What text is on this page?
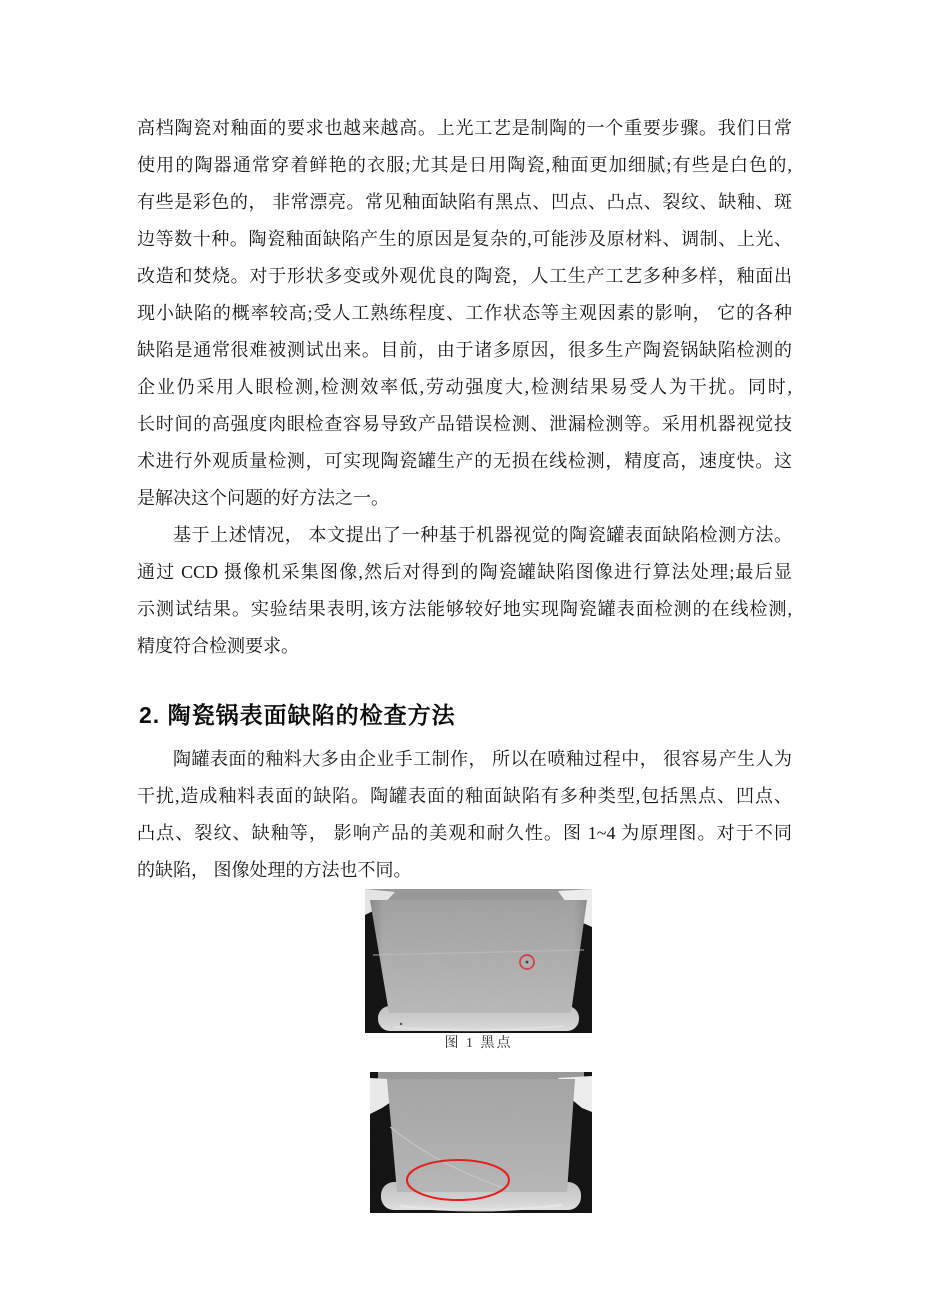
高档陶瓷对釉面的要求也越来越高。上光工艺是制陶的一个重要步骤。我们日常
使用的陶器通常穿着鲜艳的衣服;尤其是日用陶瓷,釉面更加细腻;有些是白色的,
有些是彩色的， 非常漂亮。常见釉面缺陷有黑点、凹点、凸点、裂纹、缺釉、斑
边等数十种。陶瓷釉面缺陷产生的原因是复杂的,可能涉及原材料、调制、上光、
改造和焚烧。对于形状多变或外观优良的陶瓷，人工生产工艺多种多样，釉面出
现小缺陷的概率较高;受人工熟练程度、工作状态等主观因素的影响， 它的各种
缺陷是通常很难被测试出来。目前，由于诸多原因，很多生产陶瓷锅缺陷检测的
企业仍采用人眼检测,检测效率低,劳动强度大,检测结果易受人为干扰。同时,
长时间的高强度肉眼检查容易导致产品错误检测、泄漏检测等。采用机器视觉技
术进行外观质量检测，可实现陶瓷罐生产的无损在线检测，精度高，速度快。这
是解决这个问题的好方法之一。
基于上述情况， 本文提出了一种基于机器视觉的陶瓷罐表面缺陷检测方法。
通过 CCD 摄像机采集图像,然后对得到的陶瓷罐缺陷图像进行算法处理;最后显
示测试结果。实验结果表明,该方法能够较好地实现陶瓷罐表面检测的在线检测,
精度符合检测要求。
2. 陶瓷锅表面缺陷的检查方法
陶罐表面的釉料大多由企业手工制作， 所以在喷釉过程中， 很容易产生人为
干扰,造成釉料表面的缺陷。陶罐表面的釉面缺陷有多种类型,包括黑点、凹点、
凸点、裂纹、缺釉等， 影响产品的美观和耐久性。图 1~4 为原理图。对于不同
的缺陷， 图像处理的方法也不同。
图 1 黑点
